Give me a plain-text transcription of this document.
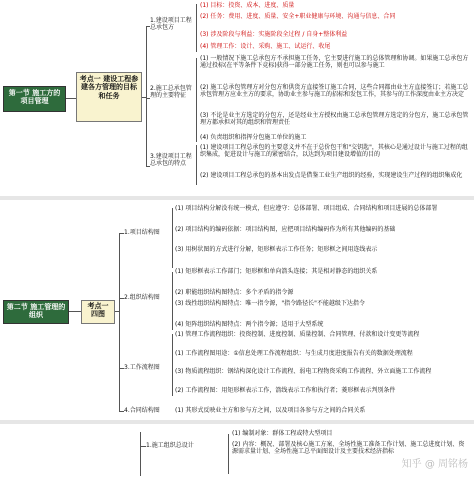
第一节 施工方的项目管理
考点一 建设工程参建各方管理的目标和任务
1.建设项目工程总承包方
(1) 目标：投资、成本、进度、质量
(2) 任务：费用、进度、质量、安全+职业健康与环境、沟通与信息、合同
(3) 涉及阶段与利益：实施阶段全过程 / 自身+整体利益
(4) 管理工作：设计、采购、施工、试运行、收尾
2.施工总承包管理的主要特征
(1) 一般情况下施工总承包方不承担施工任务，它主要进行施工的总体管理和协调。如果施工总承包方通过投标(在平等条件下竞标)获得一部分施工任务，则也可以参与施工
(2) 施工总承包管理方对分包方和供货方直接签订施工合同，这些合同都由业主方直接签订；若施工总承包管理方应业主方的要求，协助业主参与施工的招标和发包工作，其参与的工作深度由业主方决定
(3) 不论是业主方选定的分包方，还是经业主方授权由施工总承包管理方选定的分包方，施工总承包管理方都承担对其的组织和管理责任
(4) 负责组织和指挥分包施工单位的施工
3.建设项目工程总承包的特点
(1) 建设项目工程总承包的主要意义并不在于总价包干和"交钥匙"，其核心是通过设计与施工过程的组织集成，促进设计与施工的紧密结合，以达到为项目建设增值的目的
(2) 建设项目工程总承包的基本出发点是借鉴工业生产组织的经验，实现建设生产过程的组织集成化
第二节 施工管理的组织
考点一 四图
1.项目结构图
(1) 项目结构分解没有统一模式，但应遵守：总体部署、项目组成、合同结构和项目进展的总体部署
(2) 项目结构的编码依据：项目结构图，应把项目结构编码作为所有其他编码的基础
(3) 用树状图的方式进行分解，矩形框表示工作任务；矩形框之间用连线表示
2.组织结构图
(1) 矩形框表示工作部门；矩形框和单向箭头连接；其是相对静态的组织关系
(2) 职能组织结构图特点：多个矛盾的指令源
(3) 线性组织结构图特点：唯一指令源，"指令路径长"不能越级下达指令
(4) 矩阵组织结构图特点：两个指令源；适用于大型系统
3.工作流程图
(1) 管理工作流程组织：投资控制、进度控制、质量控制、合同管理、付款和设计变更等流程
(1) 工作流程图用途：①信息处理工作流程组织：与生成月度进度报告有关的数据处理流程
(3) 物质流程组织：钢结构深化设计工作流程、弱电工程物资采购工作流程、外立面施工工作流程
(2) 工作流程图：用矩形框表示工作，箭线表示工作和执行者；菱形框表示判别条件
4.合同结构图	(1) 其形式反映业主方和参与方之间，以及项目各参与方之间的合同关系
1.施工组织总设计
(1) 编制对象：群体工程或特大型项目
(2) 内容：概况、部署及核心施工方案、全场性施工准备工作计划、施工总进度计划、资源需求量计划、全场性施工总平面图设计及主要技术经济指标
知乎 @ 周铭杨
